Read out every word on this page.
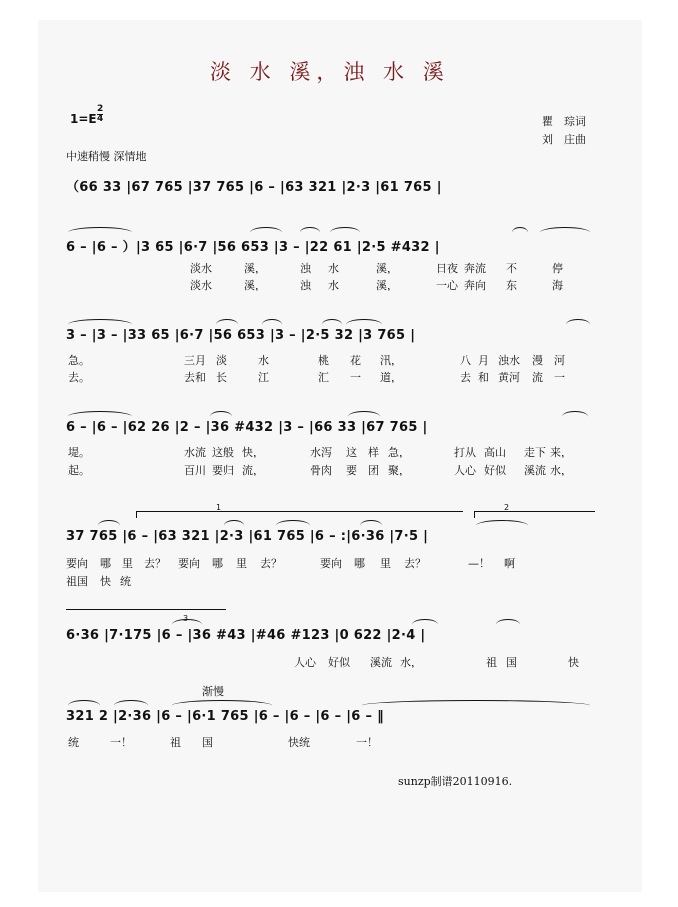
淡 水 溪，浊 水 溪
1=E
2
4	瞿　琮词
刘　庄曲
中速稍慢 深情地
（66 33 |67 765 |37 765 |6 – |63 321 |2·3 |61 765 |
6 – |6 – ）|3 65 |6·7 |56 653 |3 – |22 61 |2·5 #432 |
3 – |3 – |33 65 |6·7 |56 653 |3 – |2·5 32 |3 765 |
6 – |6 – |62 26 |2 – |36 #432 |3 – |66 33 |67 765 |
37 765 |6 – |63 321 |2·3 |61 765 |6 – :|6·36 |7·5 |
6·36 |7·175 |6 – |36 #43 |#46 #123 |0 622 |2·4 |
321 2 |2·36 |6 – |6·1 765 |6 – |6 – |6 – |6 – ‖
1	2
3
渐慢
淡水	溪，	浊 水	溪，	日夜 奔流 不	停
淡水	溪，	浊 水	溪，	一心 奔向 东	海
急。	三月 淡	水	桃 花 汛，	八 月 浊水 漫 河
去。	去和 长	江	汇 一 道，	去 和 黄河 流 一
堤。	水流 这般 快，	水泻 这 样 急，	打从 高山 走下 来，
起。	百川 要归 流，	骨肉 要 团 聚，	人心 好似 溪流 水，
要向 哪 里 去？ 要向 哪 里 去？	要向 哪 里 去？	—！ 啊
祖国 快 统
人心 好似 溪流 水，	祖 国	快
统	一！	祖 国	快统	一！
sunzp制谱20110916.
